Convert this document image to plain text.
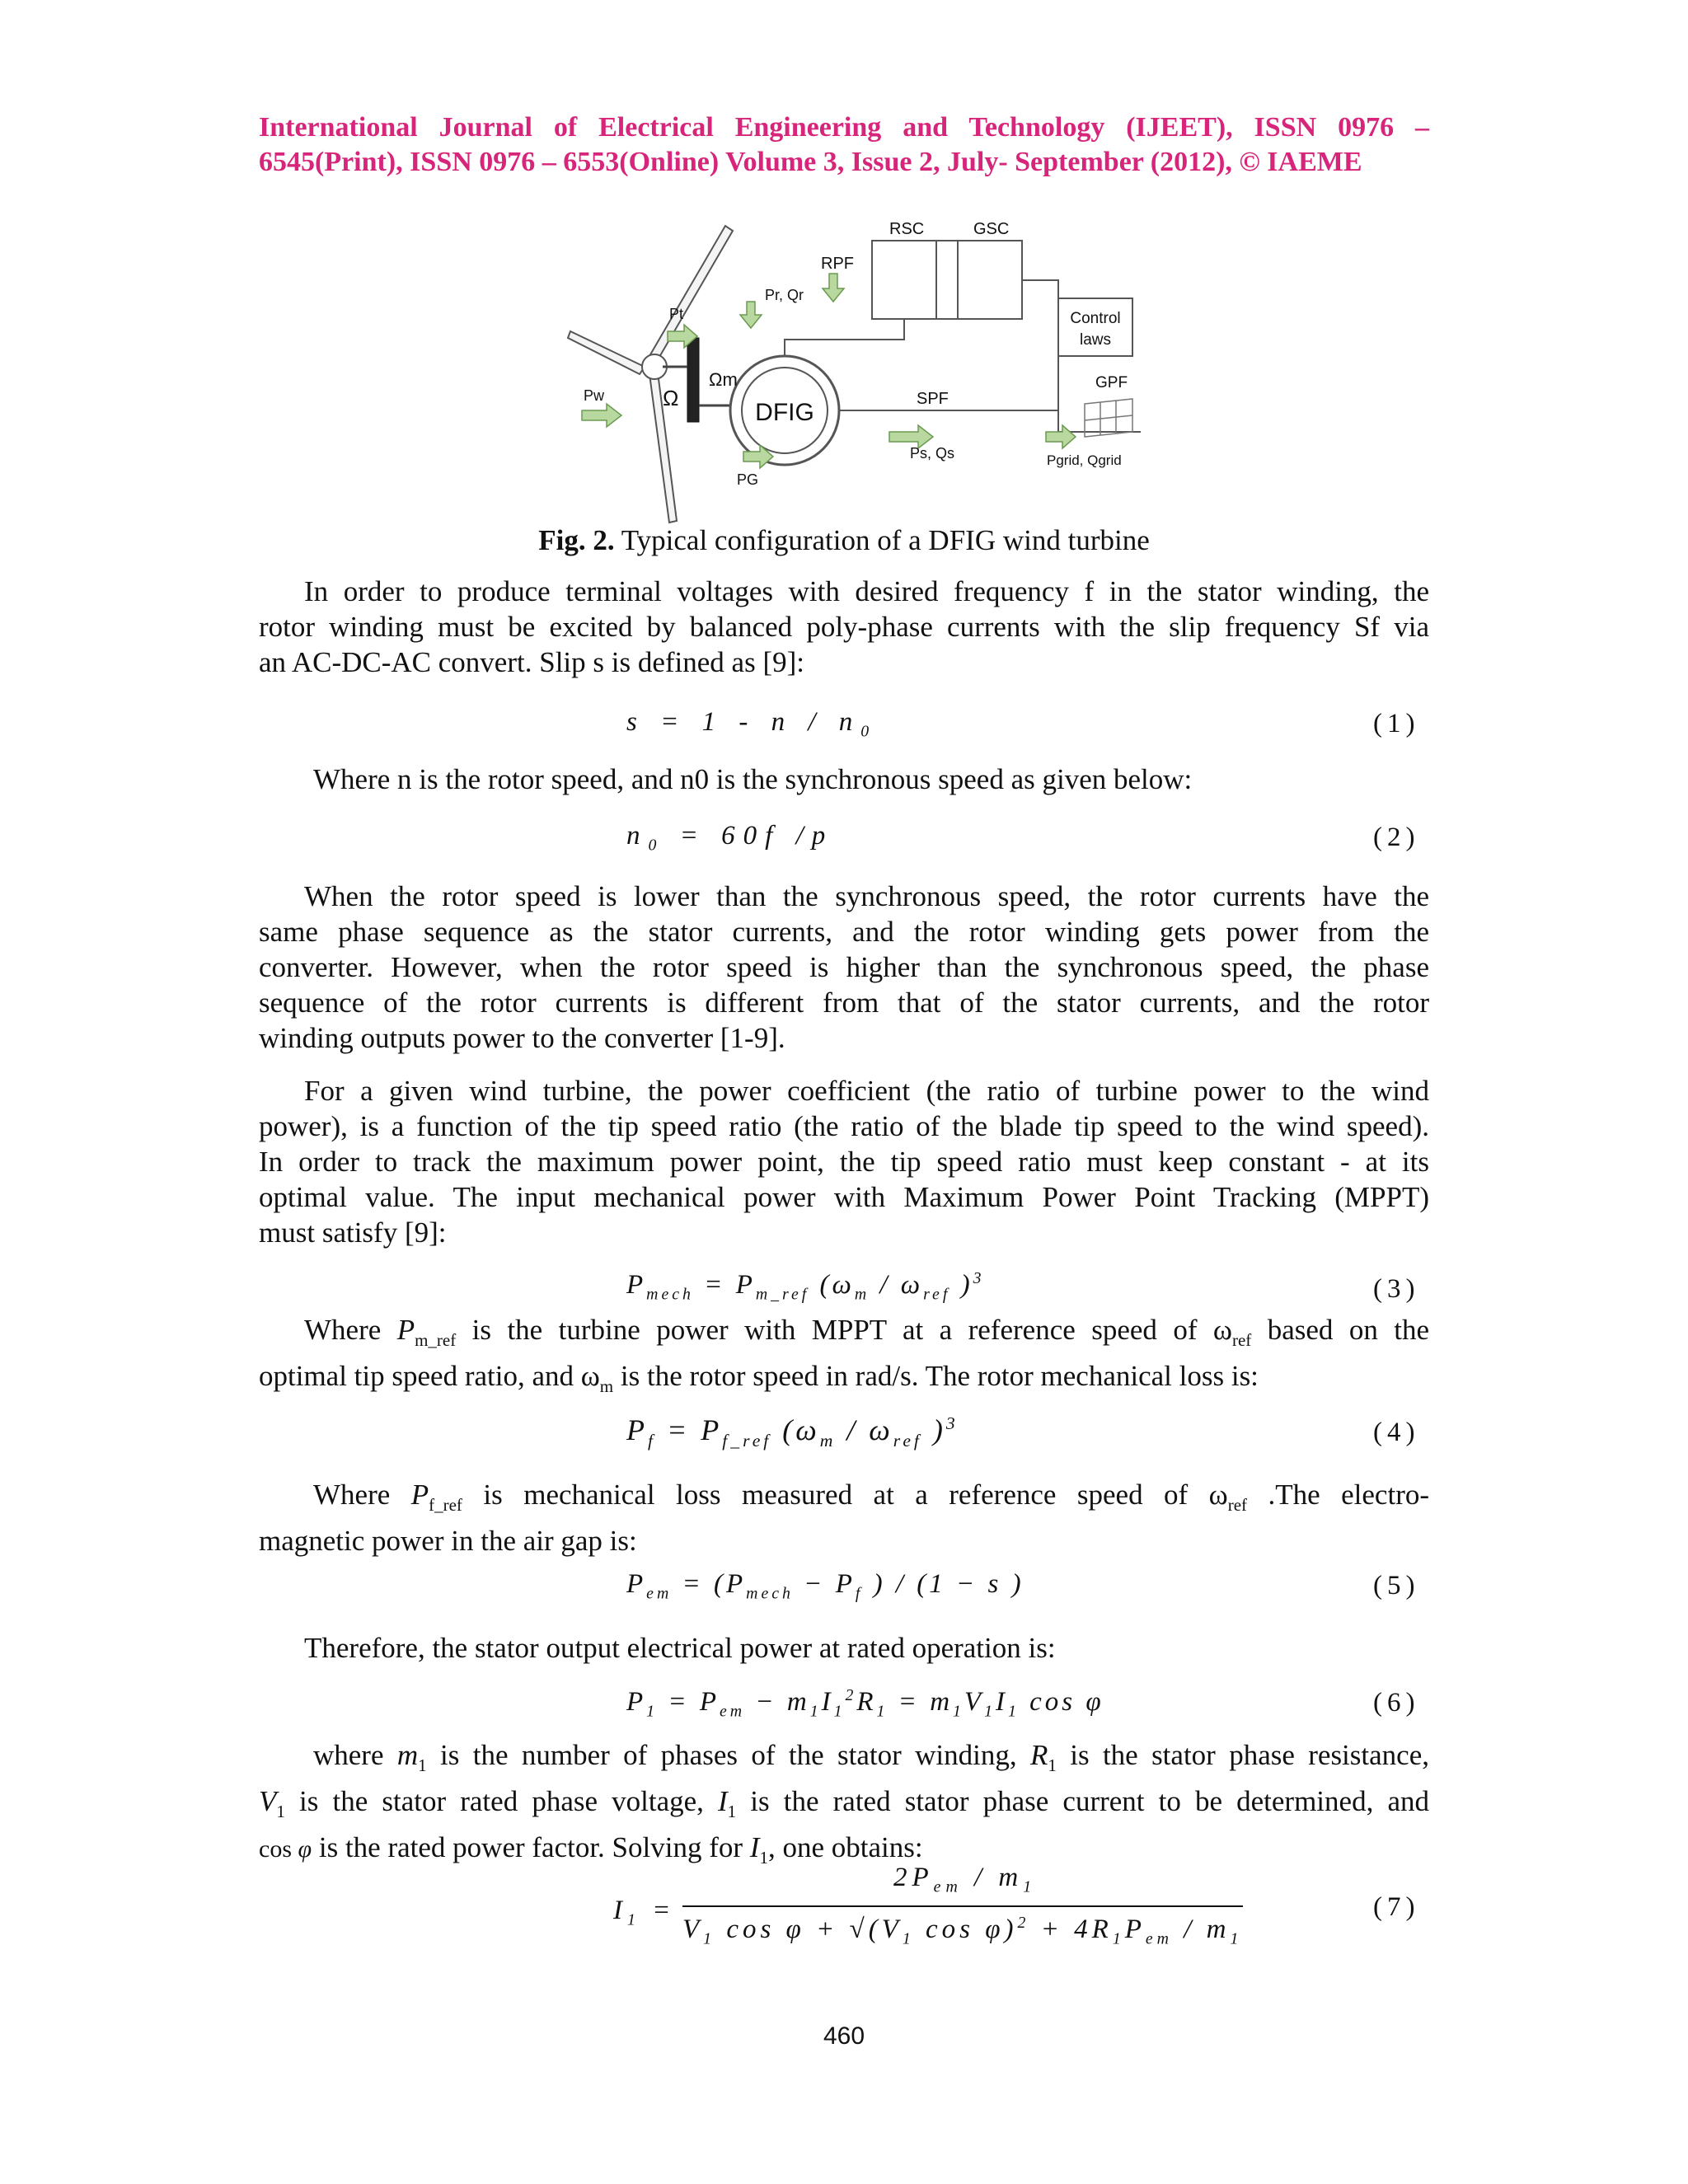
International Journal of Electrical Engineering and Technology (IJEET), ISSN 0976 –
6545(Print), ISSN 0976 – 6553(Online) Volume 3, Issue 2, July- September (2012), © IAEME
DFIG
RSC	GSC
Control
laws
GPF
Pw
Pt
Pr, Qr
RPF
Ωm
Ω
PG
SPF
Ps, Qs	Pgrid, Qgrid
Fig. 2. Typical configuration of a DFIG wind turbine
In order to produce terminal voltages with desired frequency f in the stator winding, the
rotor winding must be excited by balanced poly-phase currents with the slip frequency Sf via
an AC-DC-AC convert. Slip s is defined as [9]:
$s = 1 - n / n_0$	(1)
Where n is the rotor speed, and n0 is the synchronous speed as given below:
$n_0 = 60f$ /p	(2)
When the rotor speed is lower than the synchronous speed, the rotor currents have the
same phase sequence as the stator currents, and the rotor winding gets power from the
converter. However, when the rotor speed is higher than the synchronous speed, the phase
sequence of the rotor currents is different from that of the stator currents, and the rotor
winding outputs power to the converter [1-9].
For a given wind turbine, the power coefficient (the ratio of turbine power to the wind
power), is a function of the tip speed ratio (the ratio of the blade tip speed to the wind speed).
In order to track the maximum power point, the tip speed ratio must keep constant - at its
optimal value. The input mechanical power with Maximum Power Point Tracking (MPPT)
must satisfy [9]:
$P_{mech} = P_{m\_ref}$ ($\omega_m / \omega_{ref}$ )$^3$	(3)
Where $P_{m\_ref}$ is the turbine power with MPPT at a reference speed of $\omega_{ref}$ based on the
optimal tip speed ratio, and $\omega_m$ is the rotor speed in rad/s. The rotor mechanical loss is:
$P_f = P_{f\_ref}$ ($\omega_m / \omega_{ref}$ )$^3$	(4)
Where $P_{f\_ref}$ is mechanical loss measured at a reference speed of $\omega_{ref}$ .The electro-
magnetic power in the air gap is:
$P_{em} = (P_{mech} - P_f$ ) / (1 − s )	(5)
Therefore, the stator output electrical power at rated operation is:
$P_1 = P_{em} - m_1I_1^2R_1 = m_1V_1I_1$ cos φ	(6)
where $m_1$ is the number of phases of the stator winding, $R_1$ is the stator phase resistance,
$V_1$ is the stator rated phase voltage, $I_1$ is the rated stator phase current to be determined, and
cos φ is the rated power factor. Solving for $I_1$, one obtains:
$I_1$ =
$2P_{em} / m_1$
$V_1$ $\cos \varphi + √(V_1$ $\cos \varphi)^2 + 4R_1P_{em} / m_1$
(7)
460
